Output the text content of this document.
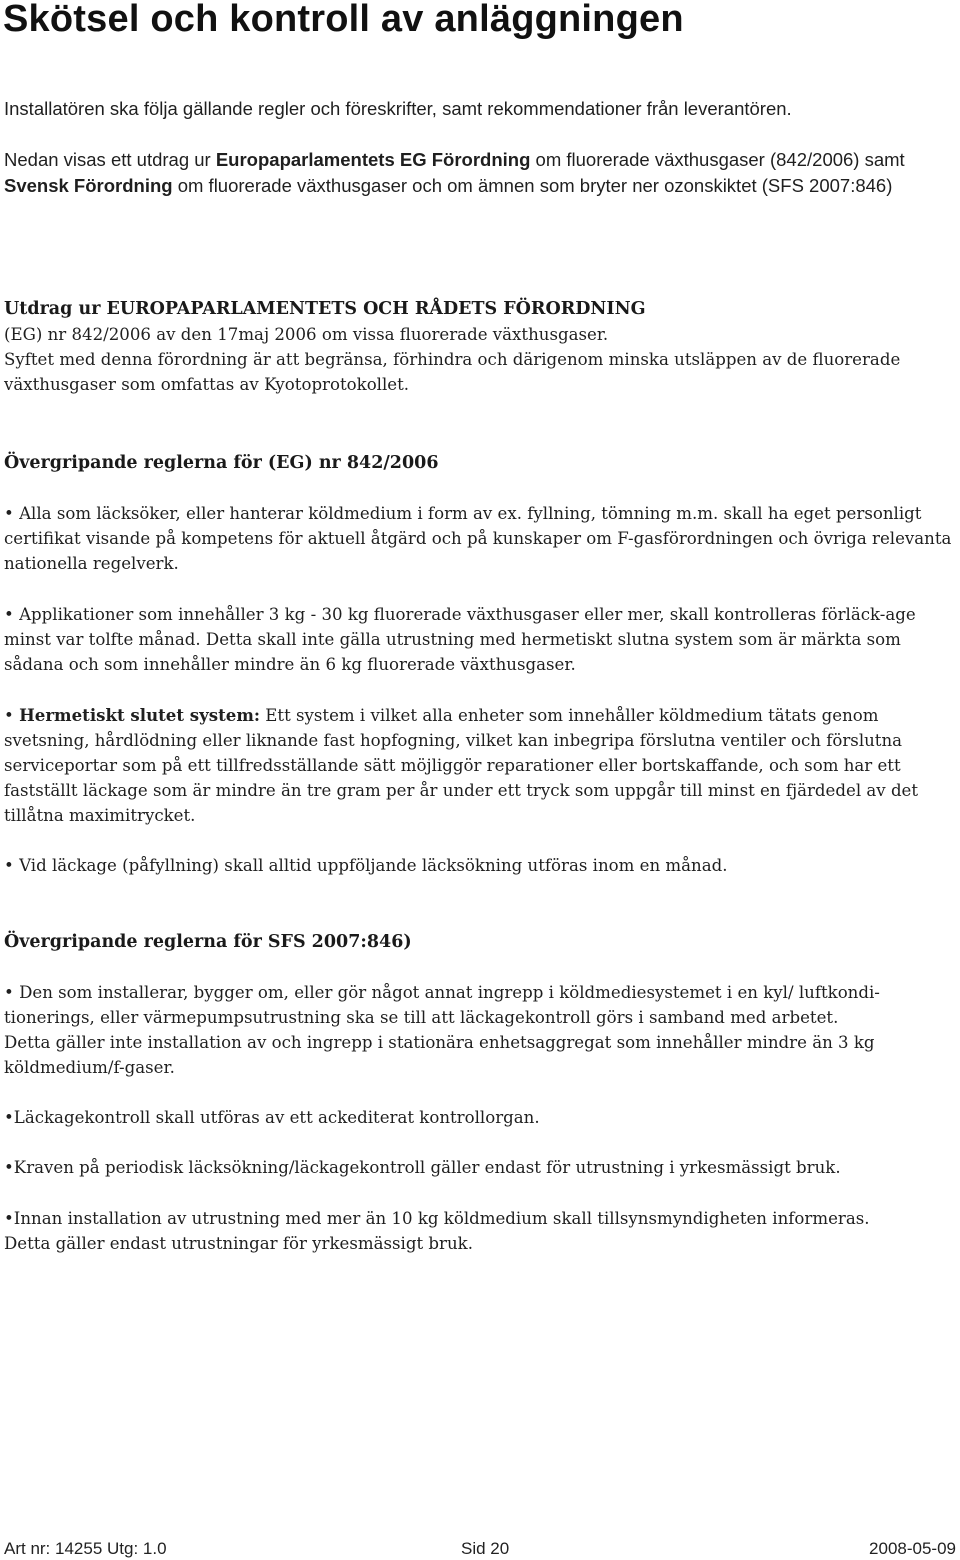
Skötsel och kontroll av anläggningen

Installatören ska följa gällande regler och föreskrifter, samt rekommendationer från leverantören.

Nedan visas ett utdrag ur Europaparlamentets EG Förordning om fluorerade växthusgaser (842/2006) samt Svensk Förordning om fluorerade växthusgaser och om ämnen som bryter ner ozonskiktet (SFS 2007:846)

Utdrag ur EUROPAPARLAMENTETS OCH RÅDETS FÖRORDNING

(EG) nr 842/2006 av den 17maj 2006 om vissa fluorerade växthusgaser.

Syftet med denna förordning är att begränsa, förhindra och därigenom minska utsläppen av de fluorerade växthusgaser som omfattas av Kyotoprotokollet.

Övergripande reglerna för (EG) nr 842/2006

• Alla som läcksöker, eller hanterar köldmedium i form av ex. fyllning, tömning m.m. skall ha eget personligt certifikat visande på kompetens för aktuell åtgärd och på kunskaper om F-gasförordningen och övriga relevanta nationella regelverk.

• Applikationer som innehåller 3 kg - 30 kg fluorerade växthusgaser eller mer, skall kontrolleras förläck-age minst var tolfte månad. Detta skall inte gälla utrustning med hermetiskt slutna system som är märkta som sådana och som innehåller mindre än 6 kg fluorerade växthusgaser.

• Hermetiskt slutet system: Ett system i vilket alla enheter som innehåller köldmedium tätats genom svetsning, hårdlödning eller liknande fast hopfogning, vilket kan inbegripa förslutna ventiler och förslutna serviceportar som på ett tillfredsställande sätt möjliggör reparationer eller bortskaffande, och som har ett fastställt läckage som är mindre än tre gram per år under ett tryck som uppgår till minst en fjärdedel av det tillåtna maximitrycket.

• Vid läckage (påfyllning) skall alltid uppföljande läcksökning utföras inom en månad.

Övergripande reglerna för SFS 2007:846)

• Den som installerar, bygger om, eller gör något annat ingrepp i köldmediesystemet i en kyl/ luftkondi-tionerings, eller värmepumpsutrustning ska se till att läckagekontroll görs i samband med arbetet.
Detta gäller inte installation av och ingrepp i stationära enhetsaggregat som innehåller mindre än 3 kg köldmedium/f-gaser.

•Läckagekontroll skall utföras av ett ackediterat kontrollorgan.

•Kraven på periodisk läcksökning/läckagekontroll gäller endast för utrustning i yrkesmässigt bruk.

•Innan installation av utrustning med mer än 10 kg köldmedium skall tillsynsmyndigheten informeras.
Detta gäller endast utrustningar för yrkesmässigt bruk.

Art nr: 14255 Utg: 1.0	Sid 20	2008-05-09
